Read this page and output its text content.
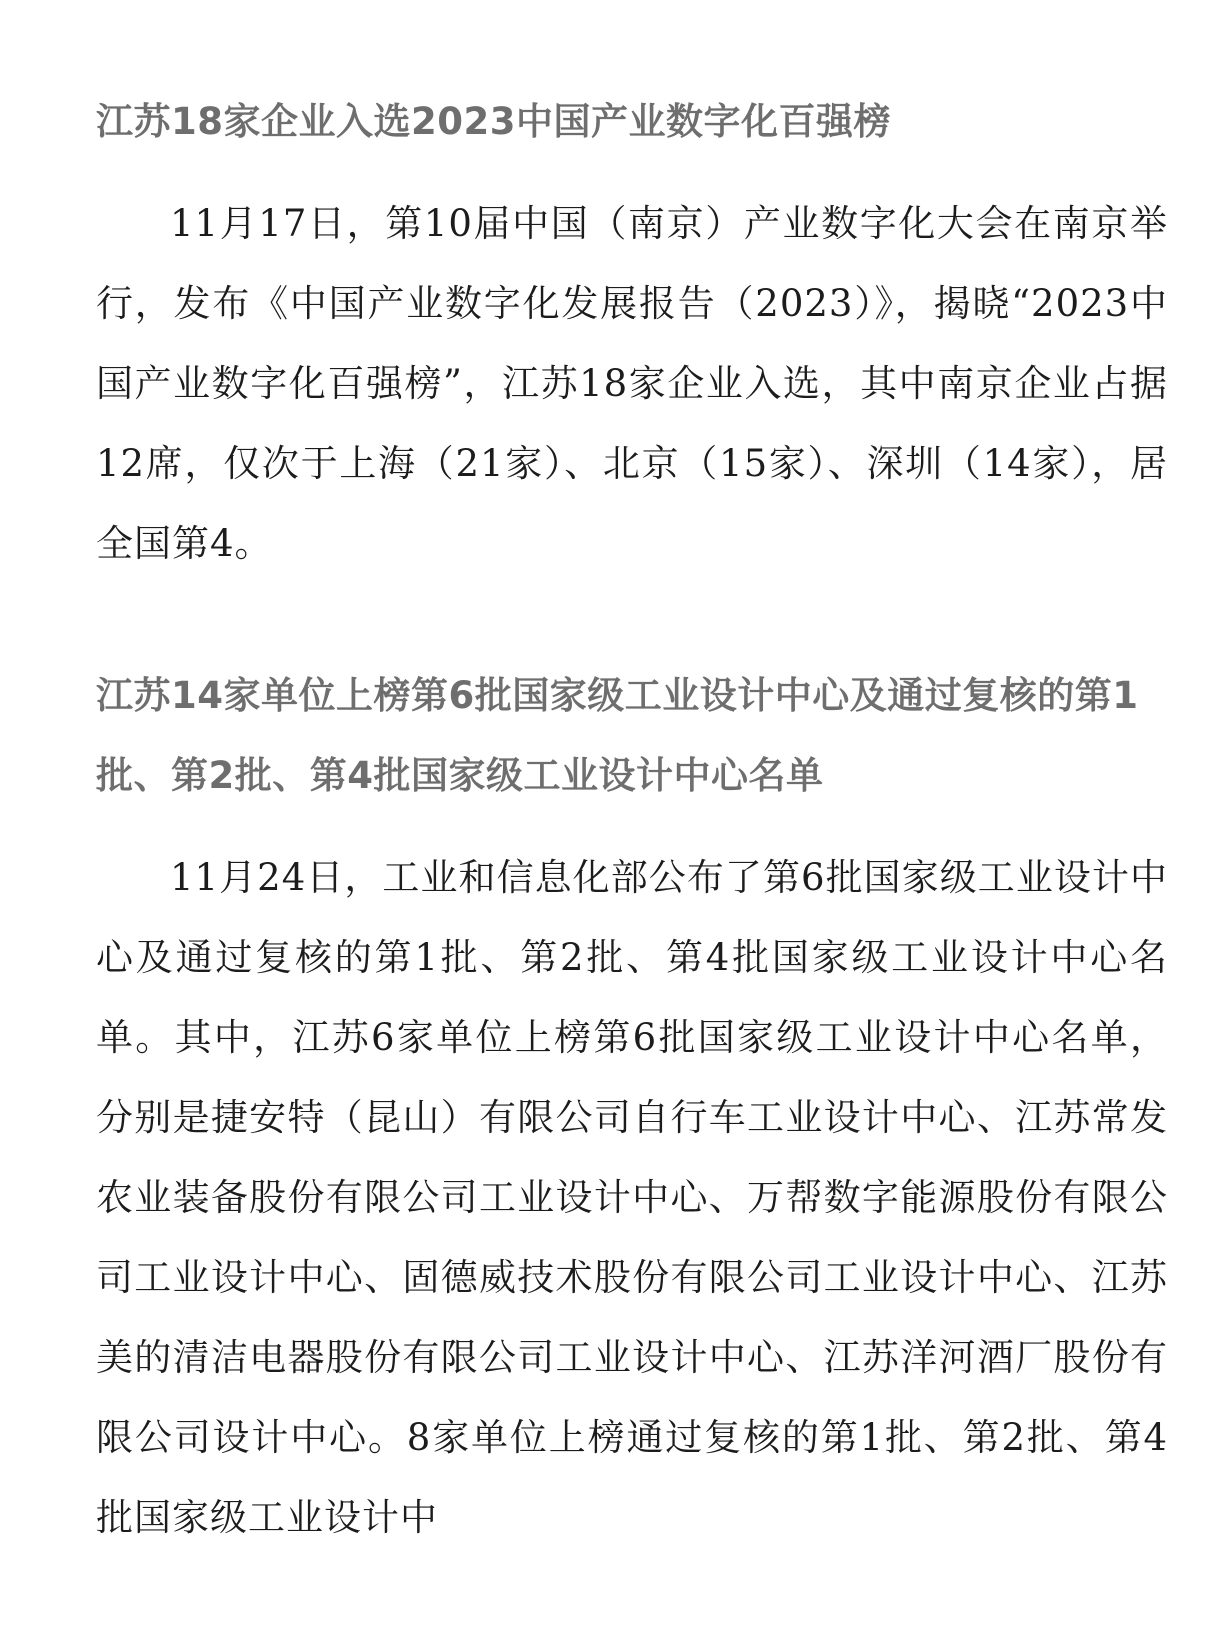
江苏18家企业入选2023中国产业数字化百强榜

11月17日，第10届中国（南京）产业数字化大会在南京举行，发布《中国产业数字化发展报告（2023）》，揭晓“2023中国产业数字化百强榜”，江苏18家企业入选，其中南京企业占据12席，仅次于上海（21家）、北京（15家）、深圳（14家），居全国第4。

江苏14家单位上榜第6批国家级工业设计中心及通过复核的第1批、第2批、第4批国家级工业设计中心名单

11月24日，工业和信息化部公布了第6批国家级工业设计中心及通过复核的第1批、第2批、第4批国家级工业设计中心名单。其中，江苏6家单位上榜第6批国家级工业设计中心名单，分别是捷安特（昆山）有限公司自行车工业设计中心、江苏常发农业装备股份有限公司工业设计中心、万帮数字能源股份有限公司工业设计中心、固德威技术股份有限公司工业设计中心、江苏美的清洁电器股份有限公司工业设计中心、江苏洋河酒厂股份有限公司设计中心。8家单位上榜通过复核的第1批、第2批、第4批国家级工业设计中
